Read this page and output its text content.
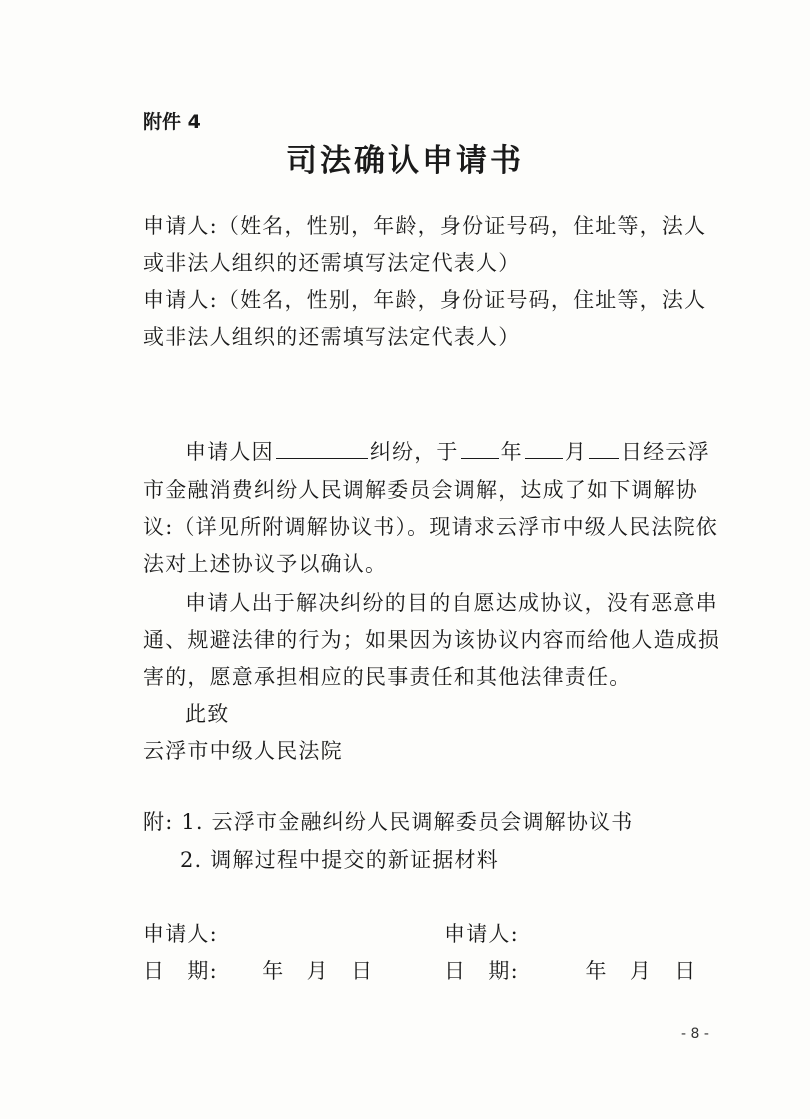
附件 4
司法确认申请书
申请人:（姓名，性别，年龄，身份证号码，住址等，法人
或非法人组织的还需填写法定代表人）
申请人:（姓名，性别，年龄，身份证号码，住址等，法人
或非法人组织的还需填写法定代表人）
申请人因	纠纷，于 年 月 日经云浮
市金融消费纠纷人民调解委员会调解，达成了如下调解协
议:（详见所附调解协议书）。现请求云浮市中级人民法院依
法对上述协议予以确认。
申请人出于解决纠纷的目的自愿达成协议，没有恶意串
通、规避法律的行为；如果因为该协议内容而给他人造成损
害的，愿意承担相应的民事责任和其他法律责任。
此致
云浮市中级人民法院
附: 1. 云浮市金融纠纷人民调解委员会调解协议书
2. 调解过程中提交的新证据材料
申请人:
日　期:　　年　月　日
申请人:
日　期:　　　年　月　日
- 8 -
